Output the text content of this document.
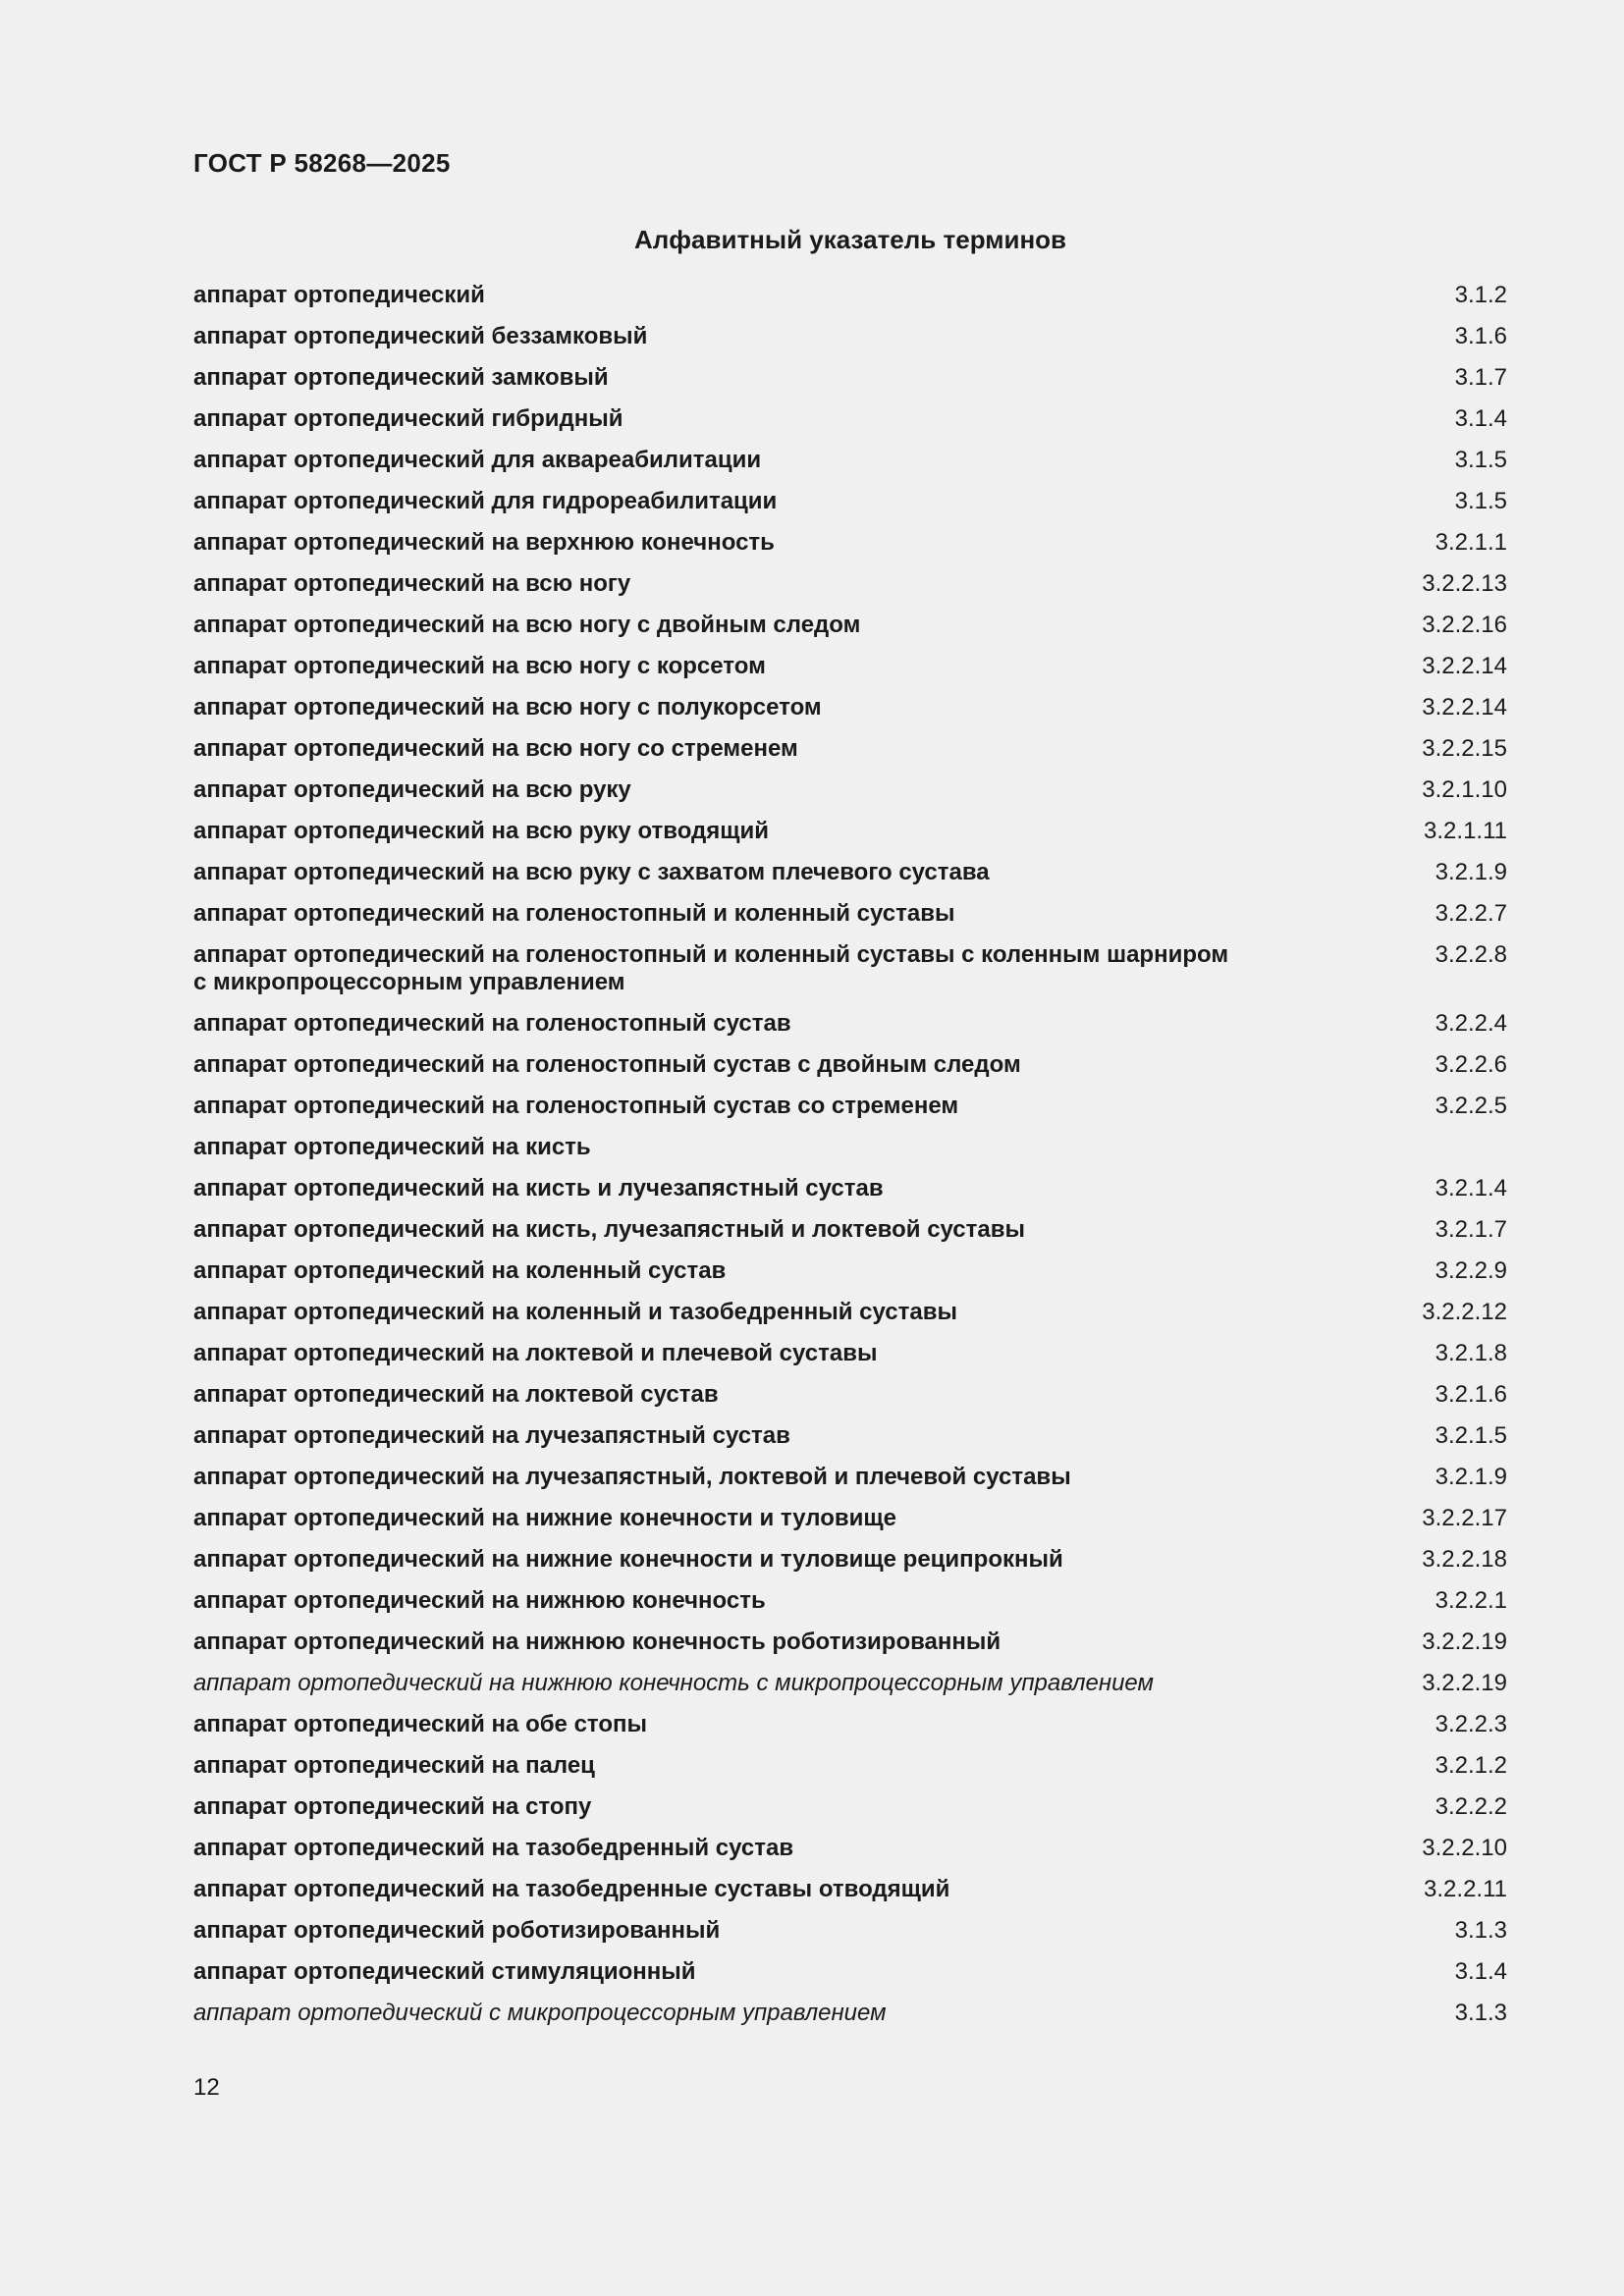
ГОСТ Р 58268—2025
Алфавитный указатель терминов
аппарат ортопедический	3.1.2
аппарат ортопедический беззамковый	3.1.6
аппарат ортопедический замковый	3.1.7
аппарат ортопедический гибридный	3.1.4
аппарат ортопедический для аквареабилитации	3.1.5
аппарат ортопедический для гидрореабилитации	3.1.5
аппарат ортопедический на верхнюю конечность	3.2.1.1
аппарат ортопедический на всю ногу	3.2.2.13
аппарат ортопедический на всю ногу с двойным следом	3.2.2.16
аппарат ортопедический на всю ногу с корсетом	3.2.2.14
аппарат ортопедический на всю ногу с полукорсетом	3.2.2.14
аппарат ортопедический на всю ногу со стременем	3.2.2.15
аппарат ортопедический на всю руку	3.2.1.10
аппарат ортопедический на всю руку отводящий	3.2.1.11
аппарат ортопедический на всю руку с захватом плечевого сустава	3.2.1.9
аппарат ортопедический на голеностопный и коленный суставы	3.2.2.7
аппарат ортопедический на голеностопный и коленный суставы с коленным шарниром
с микропроцессорным управлением
3.2.2.8
аппарат ортопедический на голеностопный сустав	3.2.2.4
аппарат ортопедический на голеностопный сустав с двойным следом	3.2.2.6
аппарат ортопедический на голеностопный сустав со стременем	3.2.2.5
аппарат ортопедический на кисть
аппарат ортопедический на кисть и лучезапястный сустав	3.2.1.4
аппарат ортопедический на кисть, лучезапястный и локтевой суставы	3.2.1.7
аппарат ортопедический на коленный сустав	3.2.2.9
аппарат ортопедический на коленный и тазобедренный суставы	3.2.2.12
аппарат ортопедический на локтевой и плечевой суставы	3.2.1.8
аппарат ортопедический на локтевой сустав	3.2.1.6
аппарат ортопедический на лучезапястный сустав	3.2.1.5
аппарат ортопедический на лучезапястный, локтевой и плечевой суставы	3.2.1.9
аппарат ортопедический на нижние конечности и туловище	3.2.2.17
аппарат ортопедический на нижние конечности и туловище реципрокный	3.2.2.18
аппарат ортопедический на нижнюю конечность	3.2.2.1
аппарат ортопедический на нижнюю конечность роботизированный	3.2.2.19
аппарат ортопедический на нижнюю конечность с микропроцессорным управлением	3.2.2.19
аппарат ортопедический на обе стопы	3.2.2.3
аппарат ортопедический на палец	3.2.1.2
аппарат ортопедический на стопу	3.2.2.2
аппарат ортопедический на тазобедренный сустав	3.2.2.10
аппарат ортопедический на тазобедренные суставы отводящий	3.2.2.11
аппарат ортопедический роботизированный	3.1.3
аппарат ортопедический стимуляционный	3.1.4
аппарат ортопедический с микропроцессорным управлением	3.1.3
12
